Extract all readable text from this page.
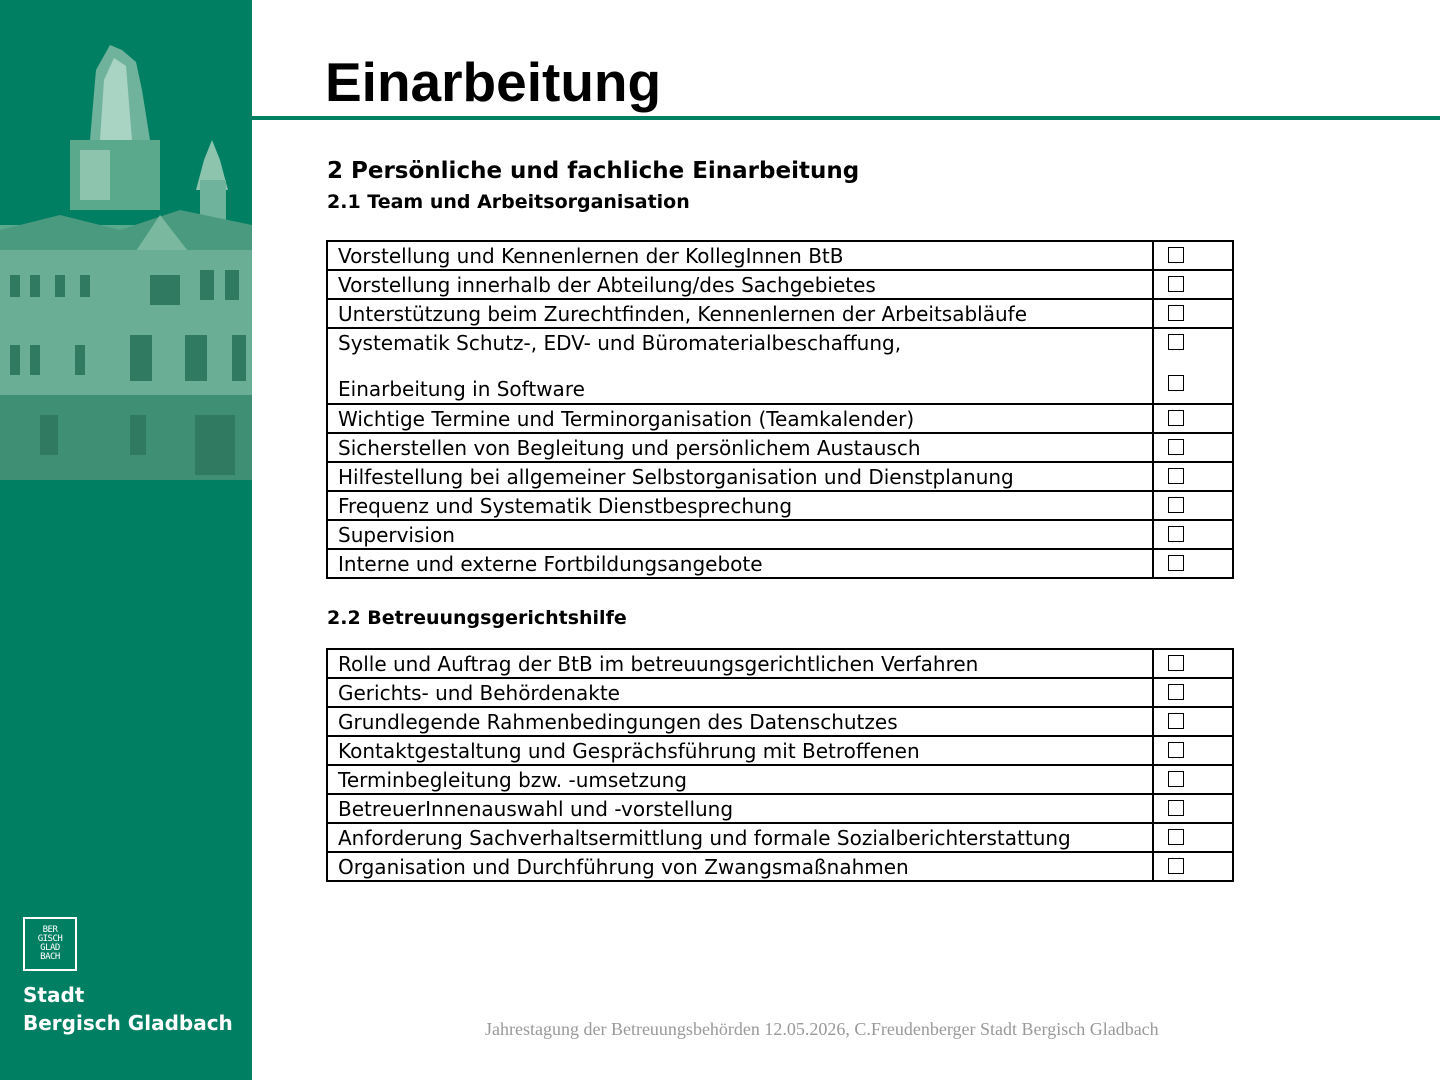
BER
GISCH
GLAD
BACH
Stadt
Bergisch Gladbach
Einarbeitung
2 Persönliche und fachliche Einarbeitung
2.1 Team und Arbeitsorganisation
Vorstellung und Kennenlernen der KollegInnen BtB	
Vorstellung innerhalb der Abteilung/des Sachgebietes	
Unterstützung beim Zurechtfinden, Kennenlernen der Arbeitsabläufe	

Systematik Schutz-, EDV- und Büromaterialbeschaffung,
Einarbeitung in Software	

Wichtige Termine und Terminorganisation (Teamkalender)	
Sicherstellen von Begleitung und persönlichem Austausch	
Hilfestellung bei allgemeiner Selbstorganisation und Dienstplanung	
Frequenz und Systematik Dienstbesprechung	
Supervision	
Interne und externe Fortbildungsangebote	
2.2 Betreuungsgerichtshilfe
Rolle und Auftrag der BtB im betreuungsgerichtlichen Verfahren	
Gerichts- und Behördenakte	
Grundlegende Rahmenbedingungen des Datenschutzes	
Kontaktgestaltung und Gesprächsführung mit Betroffenen	
Terminbegleitung bzw. -umsetzung	
BetreuerInnenauswahl und -vorstellung	
Anforderung Sachverhaltsermittlung und formale Sozialberichterstattung	
Organisation und Durchführung von Zwangsmaßnahmen	
Jahrestagung der Betreuungsbehörden 12.05.2026, C.Freudenberger Stadt Bergisch Gladbach
